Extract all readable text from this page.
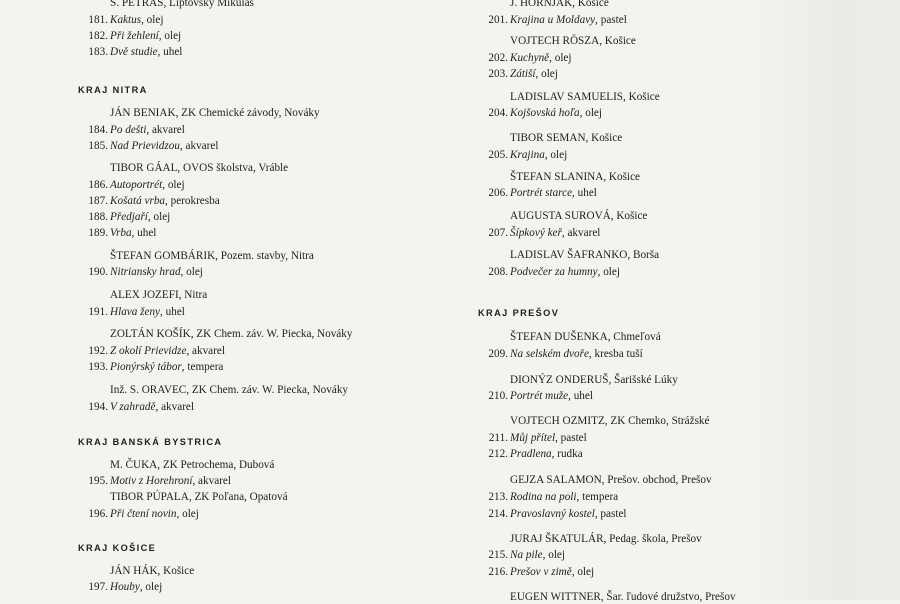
S. PETRAS, Liptovský Mikuláš
181. Kaktus, olej
182. Při žehlení, olej
183. Dvě studie, uhel
KRAJ NITRA
JÁN BENIAK, ZK Chemické závody, Nováky
184. Po dešti, akvarel
185. Nad Prievidzou, akvarel
TIBOR GÁAL, OVOS školstva, Vráble
186. Autoportrét, olej
187. Košatá vrba, perokresba
188. Předjaří, olej
189. Vrba, uhel
ŠTEFAN GOMBÁRIK, Pozem. stavby, Nitra
190. Nitriansky hrad, olej
ALEX JOZEFI, Nitra
191. Hlava ženy, uhel
ZOLTÁN KOŠÍK, ZK Chem. záv. W. Piecka, Nováky
192. Z okolí Prievidze, akvarel
193. Pionýrský tábor, tempera
Inž. S. ORAVEC, ZK Chem. záv. W. Piecka, Nováky
194. V zahradě, akvarel
KRAJ BANSKÁ BYSTRICA
M. ČUKA, ZK Petrochema, Dubová
195. Motiv z Horehroní, akvarel
TIBOR PÚPALA, ZK Poľana, Opatová
196. Při čtení novin, olej
KRAJ KOŠICE
JÁN HÁK, Košice
197. Houby, olej
J. HORNJAK, Košice
201. Krajina u Moldavy, pastel
VOJTECH RÖSZA, Košice
202. Kuchyně, olej
203. Zátiší, olej
LADISLAV SAMUELIS, Košice
204. Kojšovská hoľa, olej
TIBOR SEMAN, Košice
205. Krajina, olej
ŠTEFAN SLANINA, Košice
206. Portrét starce, uhel
AUGUSTA SUROVÁ, Košice
207. Šípkový keř, akvarel
LADISLAV ŠAFRANKO, Borša
208. Podvečer za humny, olej
KRAJ PREŠOV
ŠTEFAN DUŠENKA, Chmeľová
209. Na selském dvoře, kresba tuší
DIONÝZ ONDERUŠ, Šarišské Lúky
210. Portrét muže, uhel
VOJTECH OZMITZ, ZK Chemko, Strážské
211. Můj přítel, pastel
212. Pradlena, rudka
GEJZA SALAMON, Prešov. obchod, Prešov
213. Rodina na poli, tempera
214. Pravoslavný kostel, pastel
JURAJ ŠKATULÁR, Pedag. škola, Prešov
215. Na pile, olej
216. Prešov v zimě, olej
EUGEN WITTNER, Šar. ľudové družstvo, Prešov
